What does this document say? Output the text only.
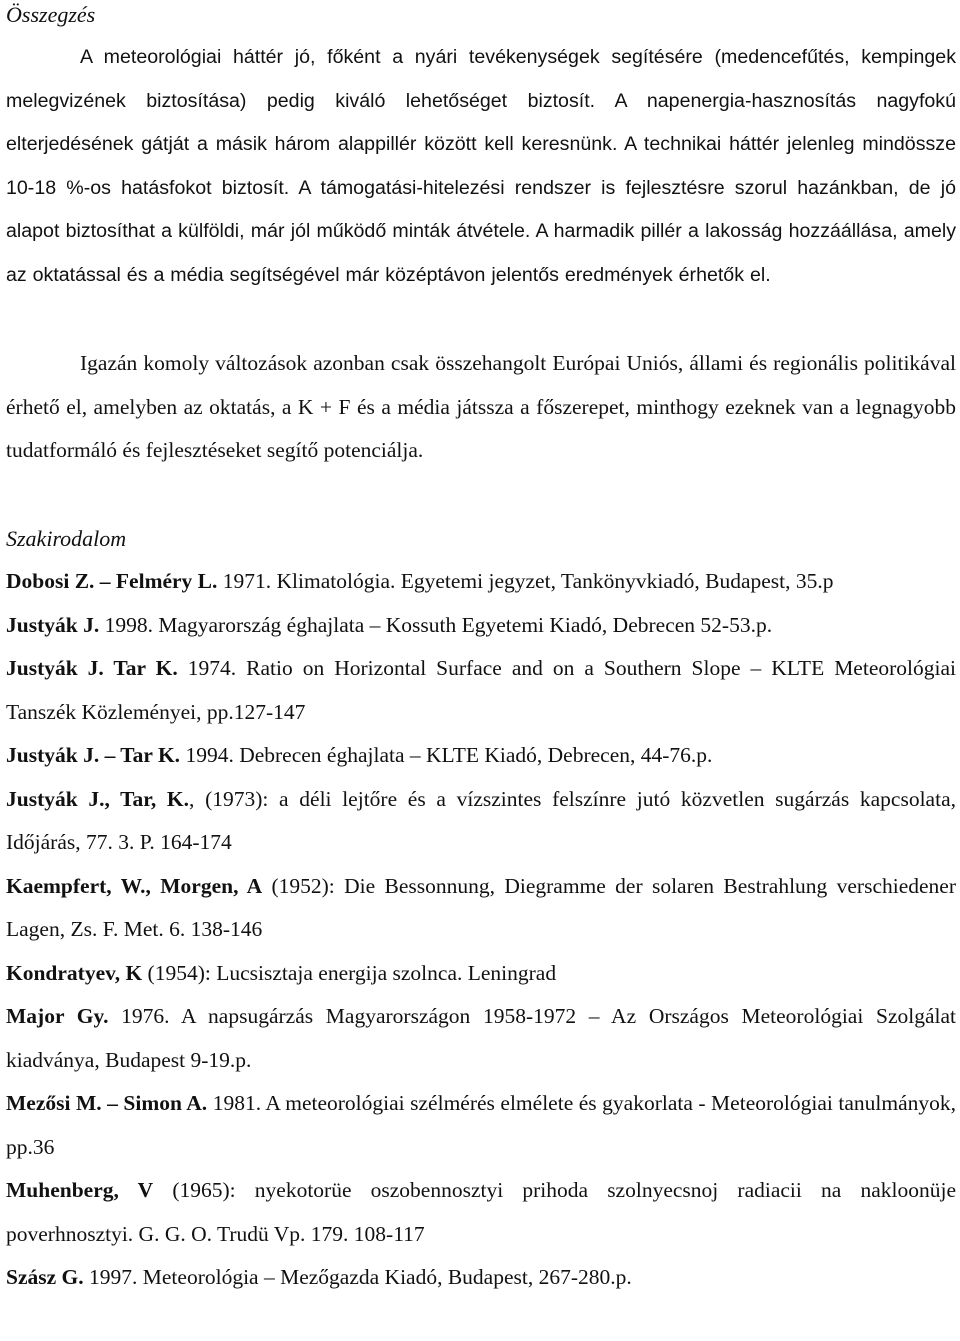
Összegzés

A meteorológiai háttér jó, főként a nyári tevékenységek segítésére (medencefűtés, kempingek melegvizének biztosítása) pedig kiváló lehetőséget biztosít. A napenergia-hasznosítás nagyfokú elterjedésének gátját a másik három alappillér között kell keresnünk. A technikai háttér jelenleg mindössze 10-18 %-os hatásfokot biztosít. A támogatási-hitelezési rendszer is fejlesztésre szorul hazánkban, de jó alapot biztosíthat a külföldi, már jól működő minták átvétele. A harmadik pillér a lakosság hozzáállása, amely az oktatással és a média segítségével már középtávon jelentős eredmények érhetők el.

Igazán komoly változások azonban csak összehangolt Európai Uniós, állami és regionális politikával érhető el, amelyben az oktatás, a K + F és a média játssza a főszerepet, minthogy ezeknek van a legnagyobb tudatformáló és fejlesztéseket segítő potenciálja.

Szakirodalom
Dobosi Z. – Felméry L. 1971. Klimatológia. Egyetemi jegyzet, Tankönyvkiadó, Budapest, 35.p
Justyák J. 1998. Magyarország éghajlata – Kossuth Egyetemi Kiadó, Debrecen 52-53.p.
Justyák J. Tar K. 1974. Ratio on Horizontal Surface and on a Southern Slope – KLTE Meteorológiai Tanszék Közleményei, pp.127-147
Justyák J. – Tar K. 1994. Debrecen éghajlata – KLTE Kiadó, Debrecen, 44-76.p.
Justyák J., Tar, K., (1973): a déli lejtőre és a vízszintes felszínre jutó közvetlen sugárzás kapcsolata, Időjárás, 77. 3. P. 164-174
Kaempfert, W., Morgen, A (1952): Die Bessonnung, Diegramme der solaren Bestrahlung verschiedener Lagen, Zs. F. Met. 6. 138-146
Kondratyev, K (1954): Lucsisztaja energija szolnca. Leningrad
Major Gy. 1976. A napsugárzás Magyarországon 1958-1972 – Az Országos Meteorológiai Szolgálat kiadványa, Budapest 9-19.p.
Mezősi M. – Simon A. 1981. A meteorológiai szélmérés elmélete és gyakorlata - Meteorológiai tanulmányok, pp.36
Muhenberg, V (1965): nyekotorüe oszobennosztyi prihoda szolnyecsnoj radiacii na nakloonüje poverhnosztyi. G. G. O. Trudü Vp. 179. 108-117
Szász G. 1997. Meteorológia – Mezőgazda Kiadó, Budapest, 267-280.p.
